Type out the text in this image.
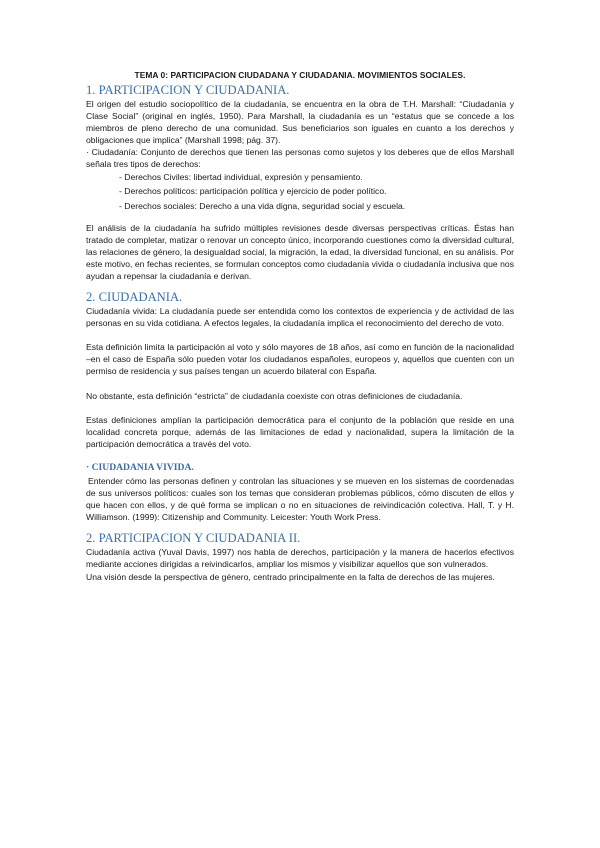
TEMA 0: PARTICIPACION CIUDADANA Y CIUDADANIA. MOVIMIENTOS SOCIALES.
1. PARTICIPACION Y CIUDADANIA.

El origen del estudio sociopolítico de la ciudadanía, se encuentra en la obra de T.H. Marshall: “Ciudadanía y Clase Social” (original en inglés, 1950). Para Marshall, la ciudadanía es un “estatus que se concede a los miembros de pleno derecho de una comunidad. Sus beneficiarios son iguales en cuanto a los derechos y obligaciones que implica” (Marshall 1998; pág. 37).

· Ciudadanía: Conjunto de derechos que tienen las personas como sujetos y los deberes que de ellos Marshall señala tres tipos de derechos:

- Derechos Civiles: libertad individual, expresión y pensamiento.
- Derechos políticos: participación política y ejercicio de poder político.
- Derechos sociales: Derecho a una vida digna, seguridad social y escuela.

El análisis de la ciudadanía ha sufrido múltiples revisiones desde diversas perspectivas críticas. Éstas han tratado de completar, matizar o renovar un concepto único, incorporando cuestiones como la diversidad cultural, las relaciones de género, la desigualdad social, la migración, la edad, la diversidad funcional, en su análisis. Por este motivo, en fechas recientes, se formulan conceptos como ciudadanía vivida o ciudadanía inclusiva que nos ayudan a repensar la ciudadanía e derivan.

2. CIUDADANIA.

Ciudadanía vivida: La ciudadanía puede ser entendida como los contextos de experiencia y de actividad de las personas en su vida cotidiana. A efectos legales, la ciudadanía implica el reconocimiento del derecho de voto.

Esta definición limita la participación al voto y sólo mayores de 18 años, así como en función de la nacionalidad –en el caso de España sólo pueden votar los ciudadanos españoles, europeos y, aquellos que cuenten con un permiso de residencia y sus países tengan un acuerdo bilateral con España.

No obstante, esta definición “estricta” de ciudadanía coexiste con otras definiciones de ciudadanía.

Estas definiciones amplían la participación democrática para el conjunto de la población que reside en una localidad concreta porque, además de las limitaciones de edad y nacionalidad, supera la limitación de la participación democrática a través del voto.

· CIUDADANIA VIVIDA.

Entender cómo las personas definen y controlan las situaciones y se mueven en los sistemas de coordenadas de sus universos políticos: cuales son los temas que consideran problemas públicos, cómo discuten de ellos y que hacen con ellos, y de qué forma se implican o no en situaciones de reivindicación colectiva. Hall, T. y H. Williamson. (1999): Citizenship and Community. Leicester: Youth Work Press.

2. PARTICIPACION Y CIUDADANIA II.

Ciudadanía activa (Yuval Davis, 1997) nos habla de derechos, participación y la manera de hacerlos efectivos mediante acciones dirigidas a reivindicarlos, ampliar los mismos y visibilizar aquellos que son vulnerados.

Una visión desde la perspectiva de género, centrado principalmente en la falta de derechos de las mujeres.
